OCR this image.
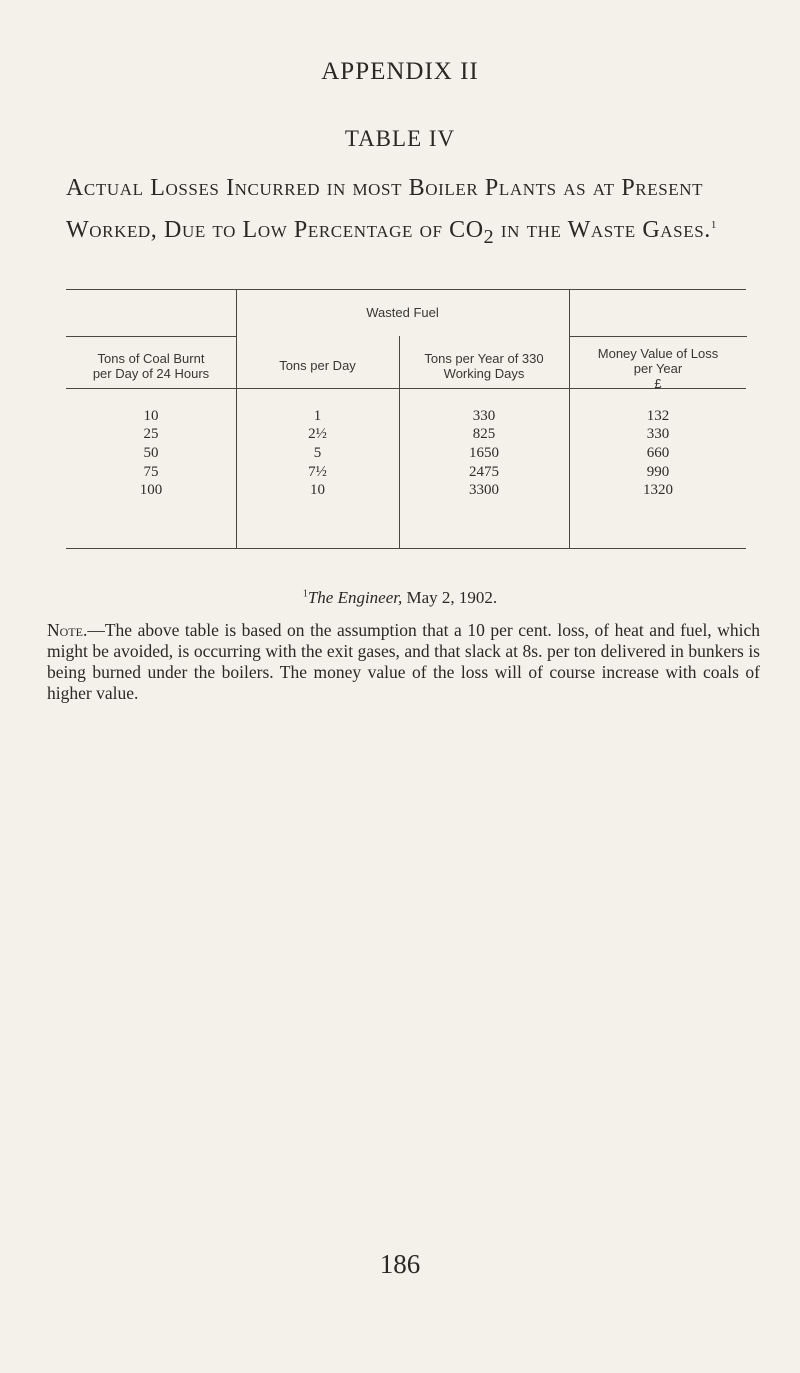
APPENDIX II
TABLE IV
Actual Losses Incurred in most Boiler Plants as at Present Worked, Due to Low Percentage of $CO_2$ in the Waste Gases.$^1$
Wasted Fuel
Tons of Coal Burnt
per Day of 24 Hours
Tons per Day	Tons per Year of 330
Working Days
Money Value of Loss
per Year
£
10	1	330	132
25	2½	825	330
50	5	1650	660
75	7½	2475	990
100	10	3300	1320
$^1$The Engineer, May 2, 1902.
Note.—The above table is based on the assumption that a 10 per cent. loss, of heat and fuel, which might be avoided, is occurring with the exit gases, and that slack at 8s. per ton delivered in bunkers is being burned under the boilers. The money value of the loss will of course increase with coals of higher value.
186
